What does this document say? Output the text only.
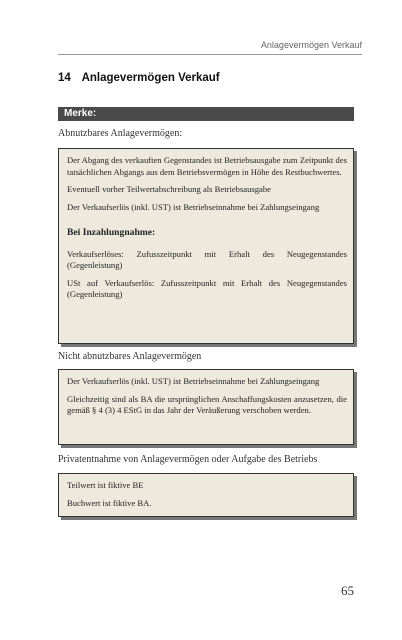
Anlagevermögen Verkauf
14 Anlagevermögen Verkauf
Merke:
Abnutzbares Anlagevermögen:

Der Abgang des verkauften Gegenstandes ist Betriebsausgabe zum Zeitpunkt des tatsächlichen Abgangs aus dem Betriebsvermögen in Höhe des Restbuchwertes.

Eventuell vorher Teilwertabschreibung als Betriebsausgabe

Der Verkaufserlös (inkl. UST) ist Betriebseinnahme bei Zahlungseingang

Bei Inzahlungnahme:

Verkaufserlöses: Zufusszeitpunkt mit Erhalt des Neugegenstandes (Gegenleistung)

USt auf Verkaufserlös: Zufusszeitpunkt mit Erhalt des Neugegenstandes (Gegenleistung)

Nicht abnutzbares Anlagevermögen

Der Verkaufserlös (inkl. UST) ist Betriebseinnahme bei Zahlungseingang

Gleichzeitig sind als BA die ursprünglichen Anschaffungskosten anzusetzen, die gemäß § 4 (3) 4 EStG in das Jahr der Veräußerung verschoben werden.

Privatentnahme von Anlagevermögen oder Aufgabe des Betriebs

Teilwert ist fiktive BE

Buchwert ist fiktive BA.

65
